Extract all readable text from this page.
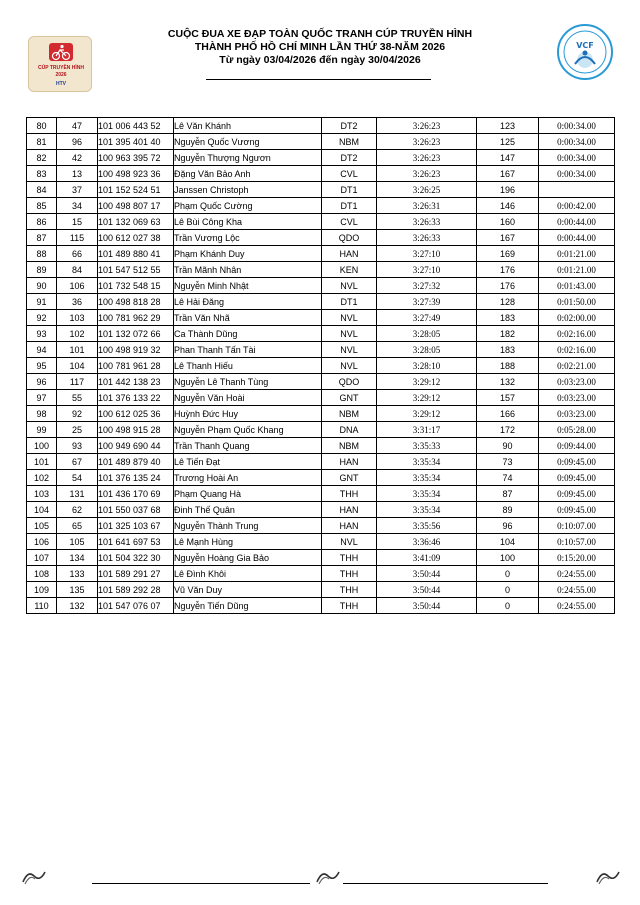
CÚP TRUYỀN HÌNH
2026
HTV
CUỘC ĐUA XE ĐẠP TOÀN QUỐC TRANH CÚP TRUYỀN HÌNH
THÀNH PHỐ HỒ CHÍ MINH LẦN THỨ 38-NĂM 2026
Từ ngày 03/04/2026 đến ngày 30/04/2026
VCF
80	47	101 006 443 52	Lê Văn Khánh	DT2	3:26:23	123	0:00:34.00
81	96	101 395 401 40	Nguyễn Quốc Vương	NBM	3:26:23	125	0:00:34.00
82	42	100 963 395 72	Nguyễn Thượng Ngươn	DT2	3:26:23	147	0:00:34.00
83	13	100 498 923 36	Đặng Văn Bảo Anh	CVL	3:26:23	167	0:00:34.00
84	37	101 152 524 51	Janssen Christoph	DT1	3:26:25	196	
85	34	100 498 807 17	Phạm Quốc Cường	DT1	3:26:31	146	0:00:42.00
86	15	101 132 069 63	Lê Bùi Công Kha	CVL	3:26:33	160	0:00:44.00
87	115	100 612 027 38	Trần Vương Lộc	QDO	3:26:33	167	0:00:44.00
88	66	101 489 880 41	Phạm Khánh Duy	HAN	3:27:10	169	0:01:21.00
89	84	101 547 512 55	Trần Mãnh Nhân	KEN	3:27:10	176	0:01:21.00
90	106	101 732 548 15	Nguyễn Minh Nhật	NVL	3:27:32	176	0:01:43.00
91	36	100 498 818 28	Lê Hải Đăng	DT1	3:27:39	128	0:01:50.00
92	103	100 781 962 29	Trần Văn Nhã	NVL	3:27:49	183	0:02:00.00
93	102	101 132 072 66	Ca Thành Dũng	NVL	3:28:05	182	0:02:16.00
94	101	100 498 919 32	Phan Thanh Tấn Tài	NVL	3:28:05	183	0:02:16.00
95	104	100 781 961 28	Lê Thanh Hiếu	NVL	3:28:10	188	0:02:21.00
96	117	101 442 138 23	Nguyễn Lê Thanh Tùng	QDO	3:29:12	132	0:03:23.00
97	55	101 376 133 22	Nguyễn Văn Hoài	GNT	3:29:12	157	0:03:23.00
98	92	100 612 025 36	Huỳnh Đức Huy	NBM	3:29:12	166	0:03:23.00
99	25	100 498 915 28	Nguyễn Phạm Quốc Khang	DNA	3:31:17	172	0:05:28.00
100	93	100 949 690 44	Trần Thanh Quang	NBM	3:35:33	90	0:09:44.00
101	67	101 489 879 40	Lê Tiến Đạt	HAN	3:35:34	73	0:09:45.00
102	54	101 376 135 24	Trương Hoài An	GNT	3:35:34	74	0:09:45.00
103	131	101 436 170 69	Phạm Quang Hà	THH	3:35:34	87	0:09:45.00
104	62	101 550 037 68	Đinh Thế Quân	HAN	3:35:34	89	0:09:45.00
105	65	101 325 103 67	Nguyễn Thành Trung	HAN	3:35:56	96	0:10:07.00
106	105	101 641 697 53	Lê Mạnh Hùng	NVL	3:36:46	104	0:10:57.00
107	134	101 504 322 30	Nguyễn Hoàng Gia Bảo	THH	3:41:09	100	0:15:20.00
108	133	101 589 291 27	Lê Đình Khôi	THH	3:50:44	0	0:24:55.00
109	135	101 589 292 28	Vũ Văn Duy	THH	3:50:44	0	0:24:55.00
110	132	101 547 076 07	Nguyễn Tiến Dũng	THH	3:50:44	0	0:24:55.00
